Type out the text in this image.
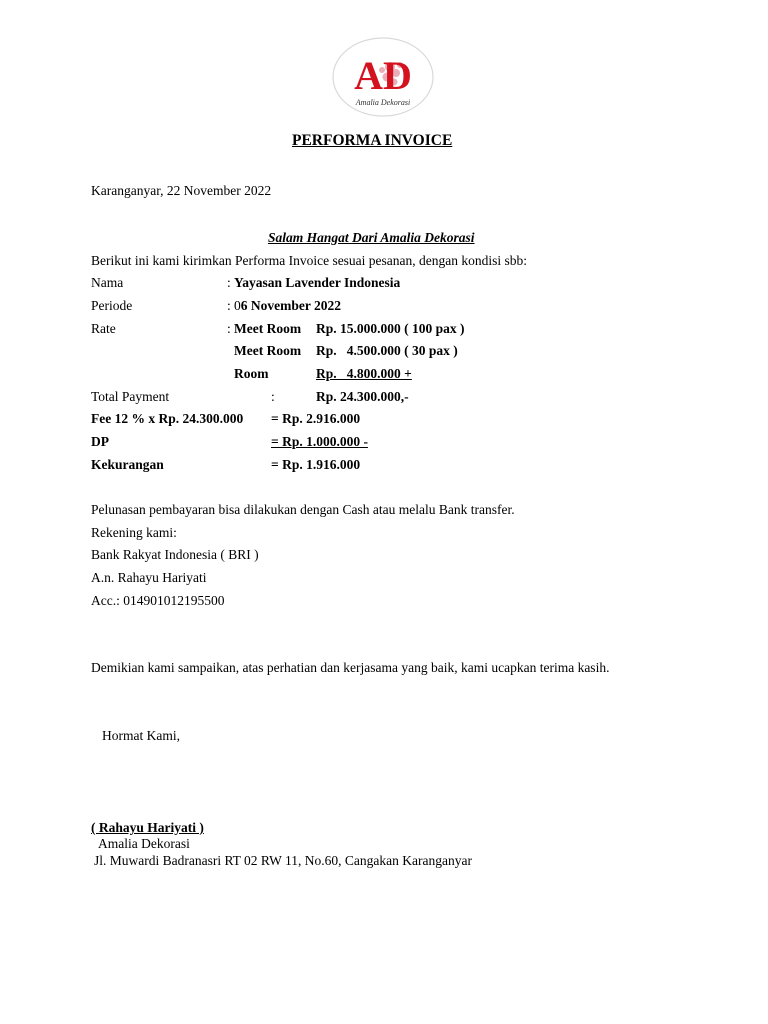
AD
Amalia Dekorasi
PERFORMA INVOICE
Karanganyar, 22 November 2022
Salam Hangat Dari Amalia Dekorasi
Berikut ini kami kirimkan Performa Invoice sesuai pesanan, dengan kondisi sbb:
Nama	: Yayasan Lavender Indonesia
Periode	: 06 November 2022
Rate	: Meet Room Rp. 15.000.000 ( 100 pax )
Meet Room Rp.   4.500.000 ( 30 pax )
Room	Rp.   4.800.000 +
Total Payment	:	Rp. 24.300.000,-
Fee 12 % x Rp. 24.300.000 = Rp. 2.916.000
DP	= Rp. 1.000.000 -
Kekurangan	= Rp. 1.916.000
Pelunasan pembayaran bisa dilakukan dengan Cash atau melalu Bank transfer.
Rekening kami:
Bank Rakyat Indonesia ( BRI )
A.n. Rahayu Hariyati
Acc.: 014901012195500
Demikian kami sampaikan, atas perhatian dan kerjasama yang baik, kami ucapkan terima kasih.
Hormat Kami,
( Rahayu Hariyati )
Amalia Dekorasi
Jl. Muwardi Badranasri RT 02 RW 11, No.60, Cangakan Karanganyar
